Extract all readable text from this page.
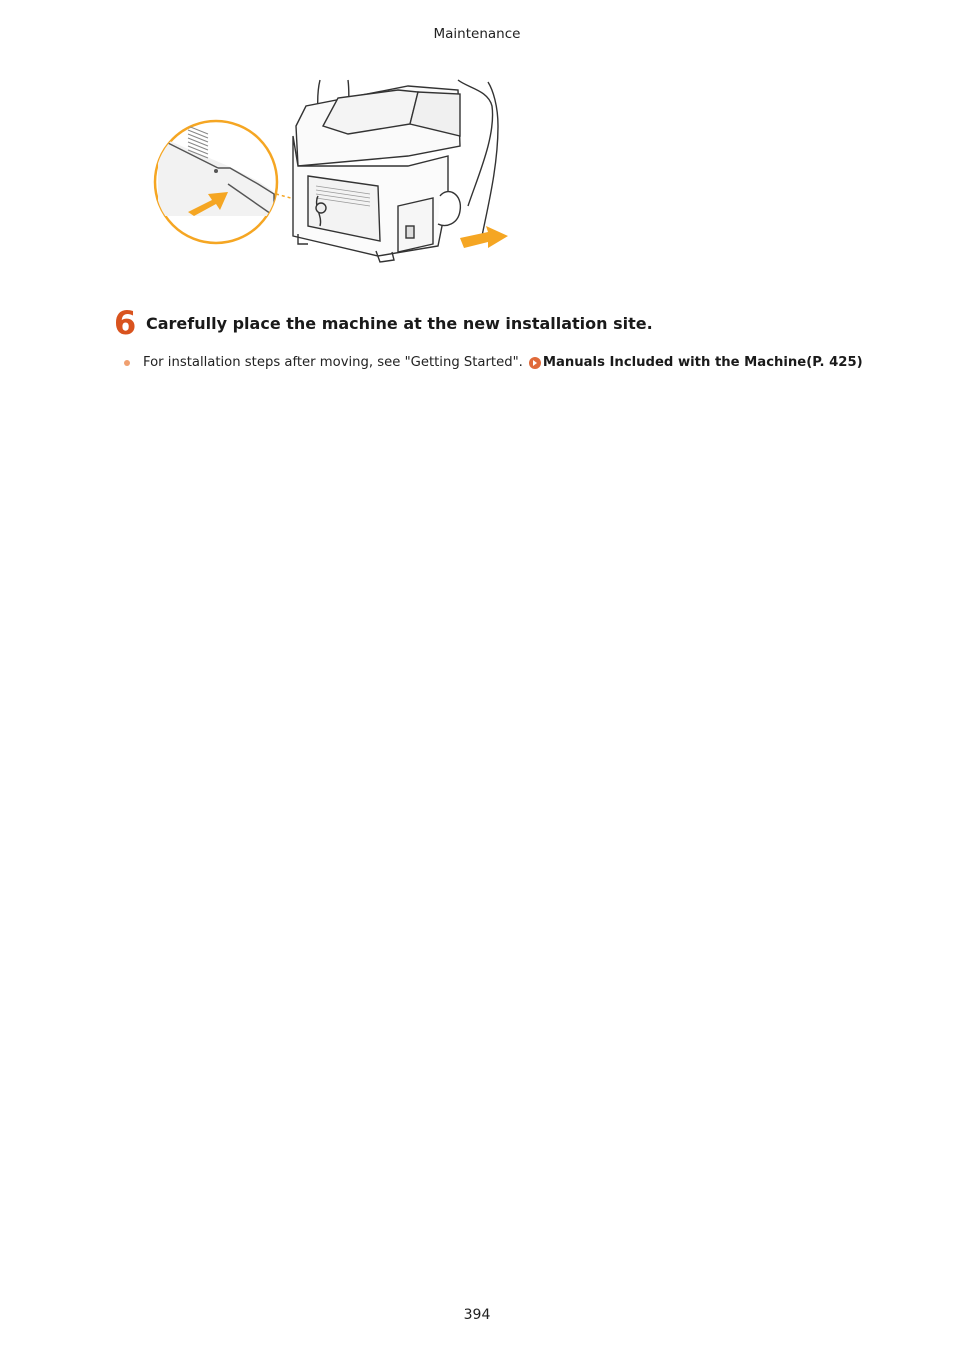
Maintenance
6 Carefully place the machine at the new installation site.
For installation steps after moving, see "Getting Started". Manuals Included with the Machine(P. 425)
394
